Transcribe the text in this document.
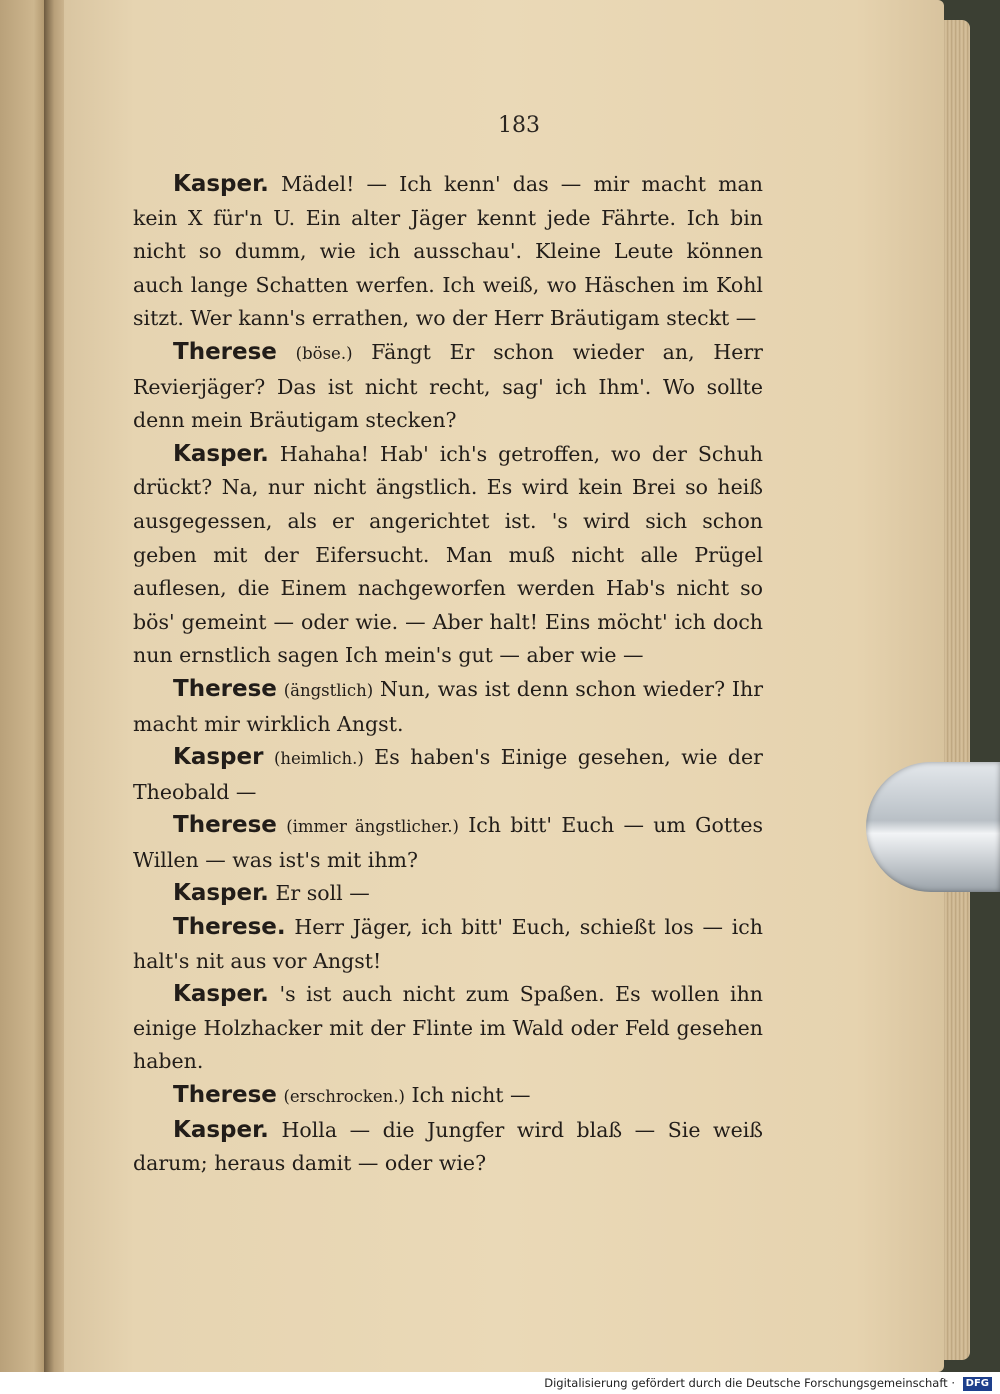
183

Kasper. Mädel! — Ich kenn' das — mir macht man kein X für'n U. Ein alter Jäger kennt jede Fährte. Ich bin nicht so dumm, wie ich ausschau'. Kleine Leute können auch lange Schatten werfen. Ich weiß, wo Häschen im Kohl sitzt. Wer kann's errathen, wo der Herr Bräutigam steckt —

Therese (böse.) Fängt Er schon wieder an, Herr Revierjäger? Das ist nicht recht, sag' ich Ihm'. Wo sollte denn mein Bräutigam stecken?

Kasper. Hahaha! Hab' ich's getroffen, wo der Schuh drückt? Na, nur nicht ängstlich. Es wird kein Brei so heiß ausgegessen, als er angerichtet ist. 's wird sich schon geben mit der Eifersucht. Man muß nicht alle Prügel auflesen, die Einem nachgeworfen werden Hab's nicht so bös' gemeint — oder wie. — Aber halt! Eins möcht' ich doch nun ernstlich sagen Ich mein's gut — aber wie —

Therese (ängstlich) Nun, was ist denn schon wieder? Ihr macht mir wirklich Angst.

Kasper (heimlich.) Es haben's Einige gesehen, wie der Theobald —

Therese (immer ängstlicher.) Ich bitt' Euch — um Gottes Willen — was ist's mit ihm?

Kasper. Er soll —

Therese. Herr Jäger, ich bitt' Euch, schießt los — ich halt's nit aus vor Angst!

Kasper. 's ist auch nicht zum Spaßen. Es wollen ihn einige Holzhacker mit der Flinte im Wald oder Feld gesehen haben.

Therese (erschrocken.) Ich nicht —

Kasper. Holla — die Jungfer wird blaß — Sie weiß darum; heraus damit — oder wie?

Digitalisierung gefördert durch die Deutsche Forschungsgemeinschaft · DFG
